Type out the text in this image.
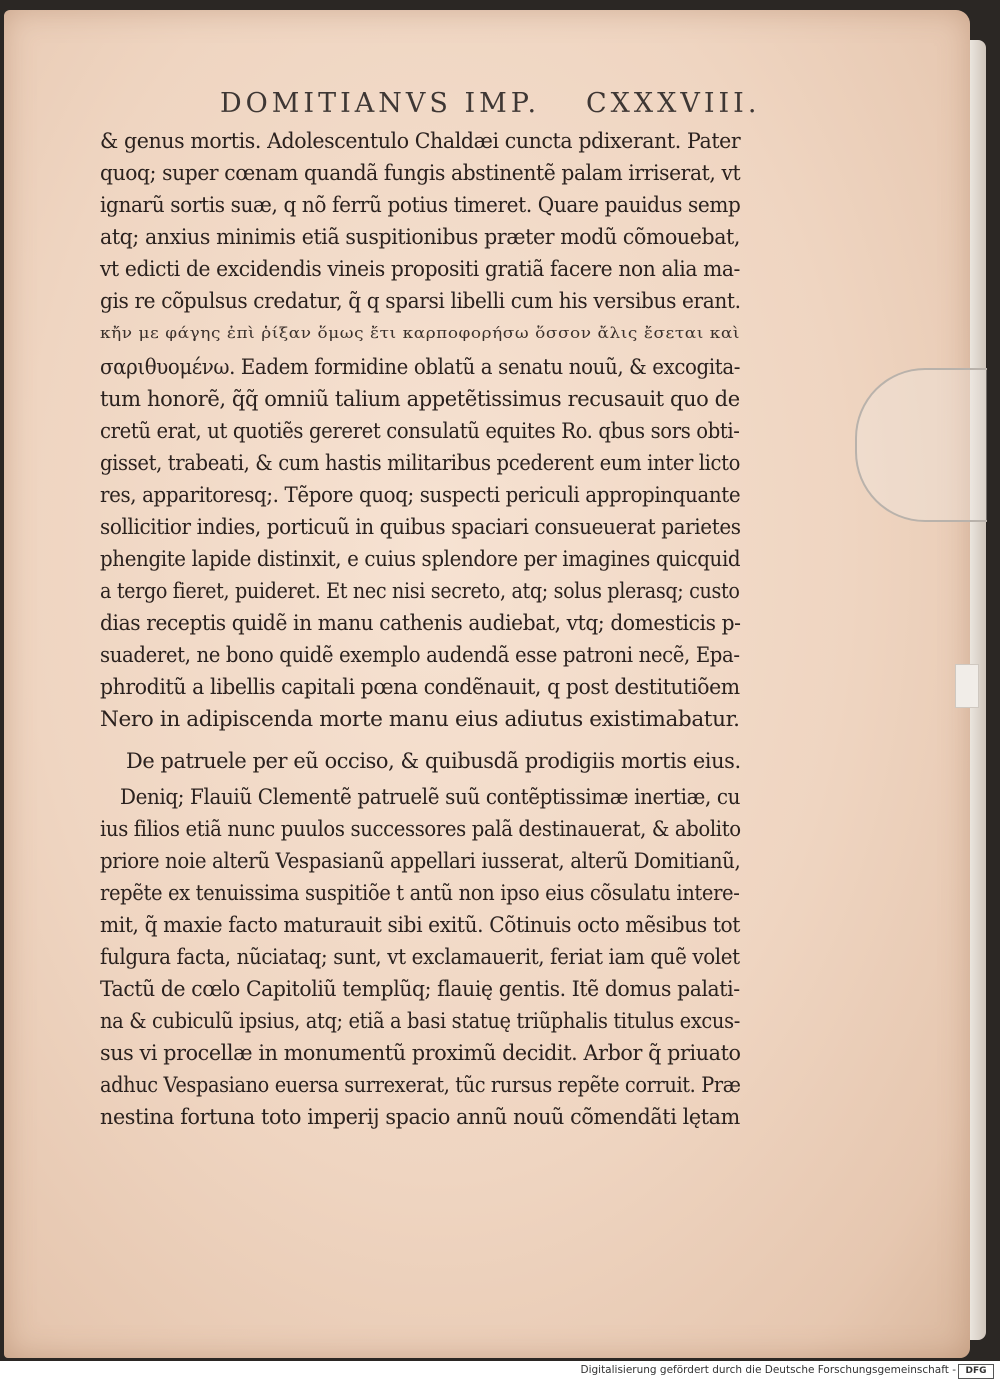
DOMITIANVS IMP. CXXXVIII.
& genus mortis. Adolescentulo Chaldæi cuncta pdixerant. Pater
quoq; super cœnam quandã fungis abstinentẽ palam irriserat, vt
ignarũ sortis suæ, q nõ ferrũ potius timeret. Quare pauidus semp
atq; anxius minimis etiã suspitionibus præter modũ cõmouebat,
vt edicti de excidendis vineis propositi gratiã facere non alia ma-
gis re cõpulsus credatur, q̃ q sparsi libelli cum his versibus erant.
κἤν με φάγης ἐπὶ ῥίξαν ὅμως ἔτι καρποφορήσω ὅσσον ἄλις ἔσεται καὶ
σαριθυομένω. Eadem formidine oblatũ a senatu nouũ, & excogita-
tum honorẽ, q̃q̃ omniũ talium appetẽtissimus recusauit quo de
cretũ erat, ut quotiẽs gereret consulatũ equites Ro. qbus sors obti-
gisset, trabeati, & cum hastis militaribus pcederent eum inter licto
res, apparitoresq;. Tẽpore quoq; suspecti periculi appropinquante
sollicitior indies, porticuũ in quibus spaciari consueuerat parietes
phengite lapide distinxit, e cuius splendore per imagines quicquid
a tergo fieret, puideret. Et nec nisi secreto, atq; solus plerasq; custo
dias receptis quidẽ in manu cathenis audiebat, vtq; domesticis p-
suaderet, ne bono quidẽ exemplo audendã esse patroni necẽ, Epa-
phroditũ a libellis capitali pœna condẽnauit, q post destitutiõem
Nero in adipiscenda morte manu eius adiutus existimabatur.
De patruele per eũ occiso, & quibusdã prodigiis mortis eius.
Deniq; Flauiũ Clementẽ patruelẽ suũ contẽptissimæ inertiæ, cu
ius filios etiã nunc puulos successores palã destinauerat, & abolito
priore noie alterũ Vespasianũ appellari iusserat, alterũ Domitianũ,
repẽte ex tenuissima suspitiõe t antũ non ipso eius cõsulatu intere-
mit, q̃ maxie facto maturauit sibi exitũ. Cõtinuis octo mẽsibus tot
fulgura facta, nũciataq; sunt, vt exclamauerit, feriat iam quẽ volet
Tactũ de cœlo Capitoliũ templũq; flauię gentis. Itẽ domus palati-
na & cubiculũ ipsius, atq; etiã a basi statuę triũphalis titulus excus-
sus vi procellæ in monumentũ proximũ decidit. Arbor q̃ priuato
adhuc Vespasiano euersa surrexerat, tũc rursus repẽte corruit. Præ
nestina fortuna toto imperij spacio annũ nouũ cõmendãti lętam
Digitalisierung gefördert durch die Deutsche Forschungsgemeinschaft -	DFG
